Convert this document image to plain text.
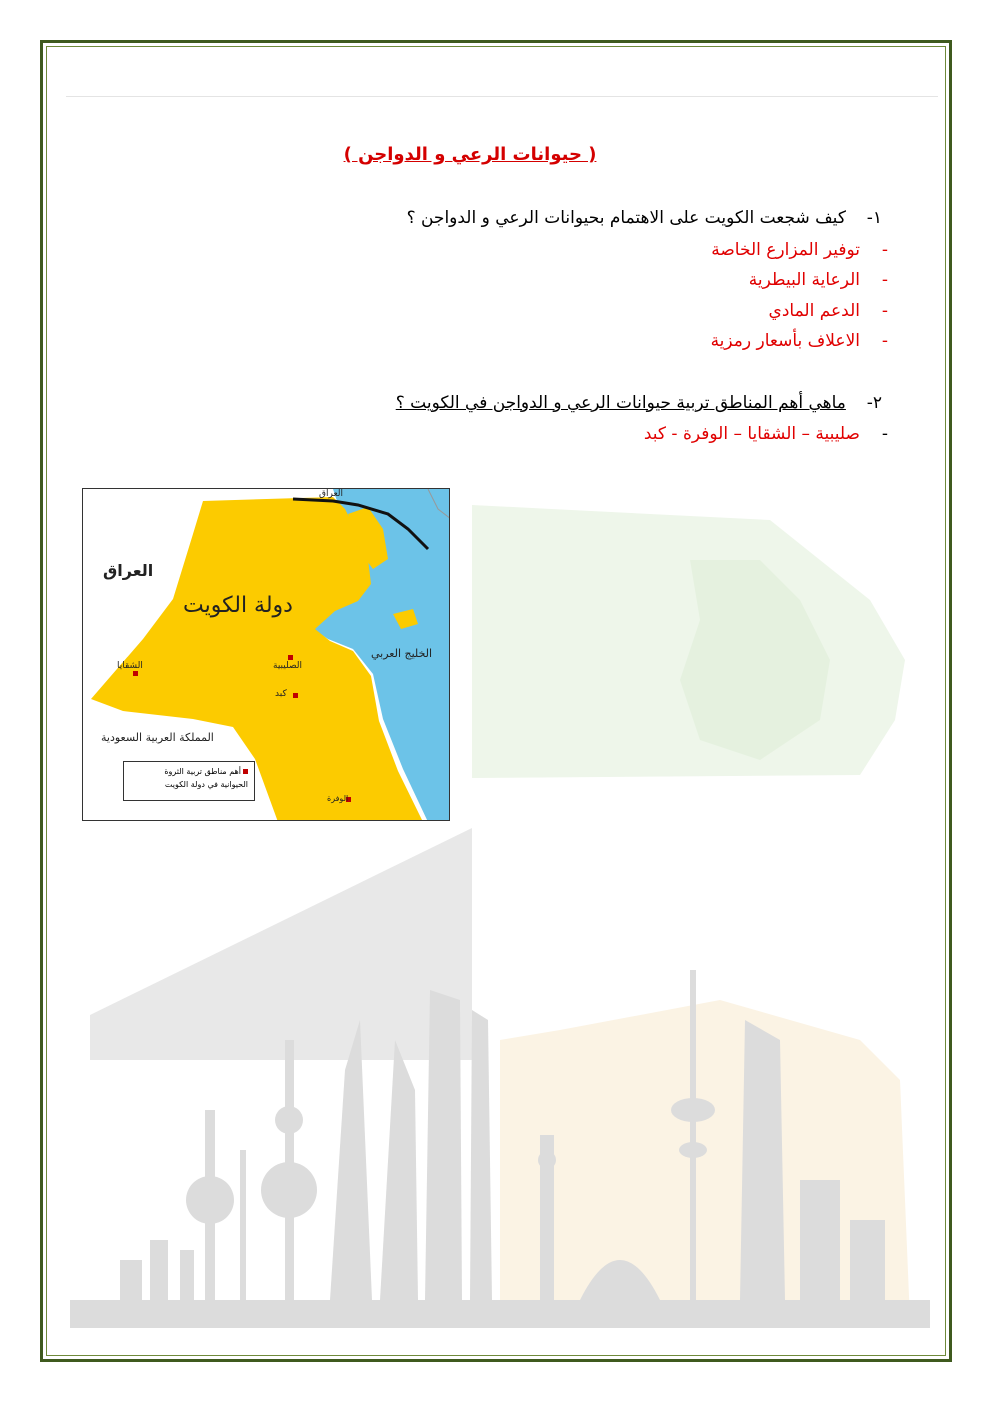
( حيوانات الرعي و الدواجن )
١-  كيف شجعت الكويت على الاهتمام بحيوانات الرعي و الدواجن ؟
-توفير المزارع الخاصة
-الرعاية البيطرية
-الدعم المادي
-الاعلاف بأسعار رمزية
٢-  ماهي أهم المناطق تربية حيوانات الرعي و الدواجن في الكويت ؟
-صليبية – الشقايا – الوفرة - كبد
العراق
العراق
دولة الكويت
الخليج العربي
المملكة العربية السعودية
الشقايا	الصليبية
كبد
الوفرة
أهم مناطق تربية الثروة
الحيوانية في دولة الكويت
